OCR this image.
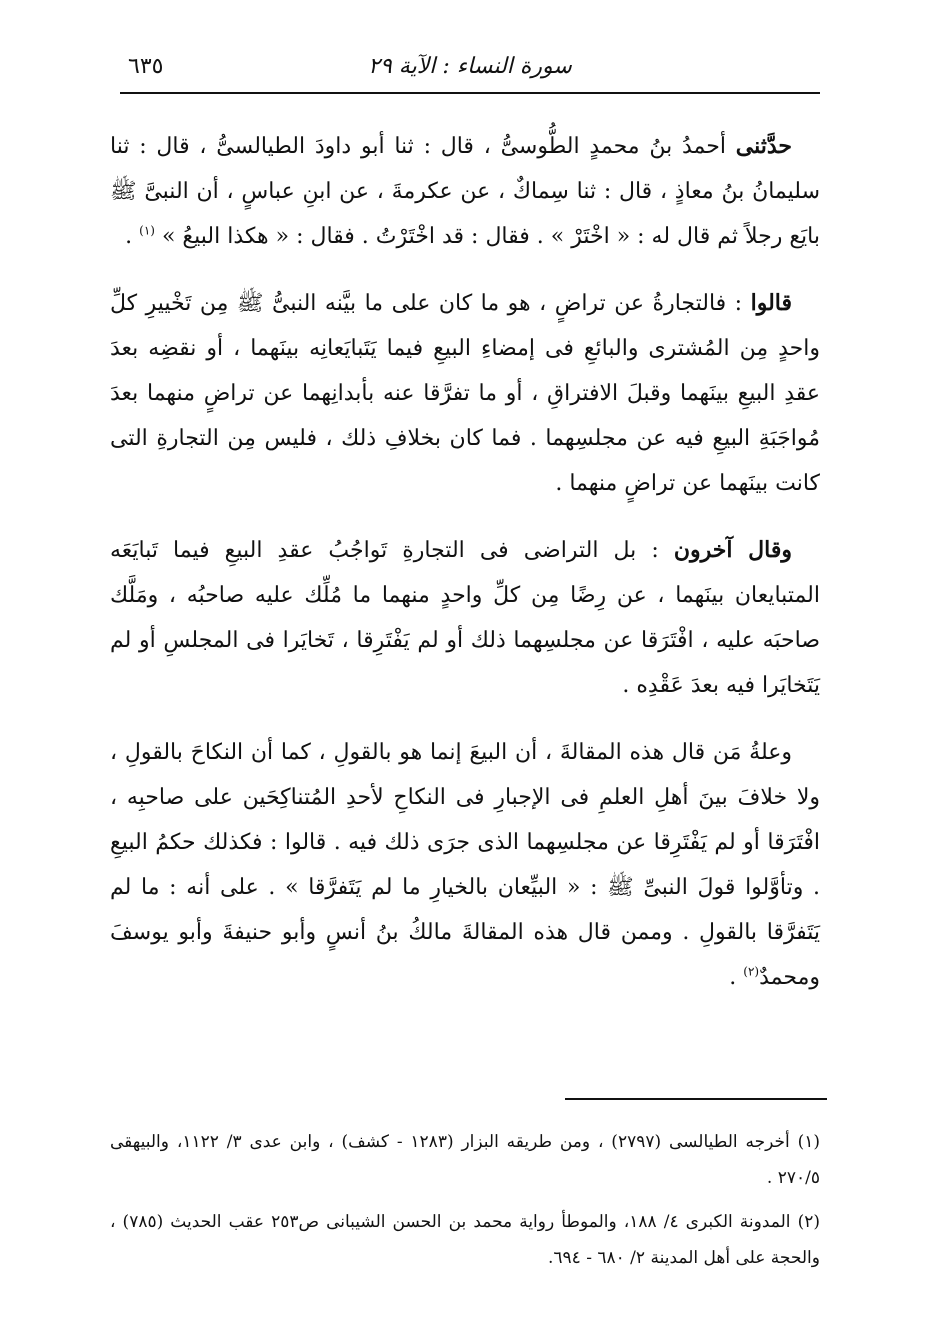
سورة النساء : الآية ٢٩
٦٣٥

حدَّثنى أحمدُ بنُ محمدٍ الطُّوسىُّ ، قال : ثنا أبو داودَ الطيالسىُّ ، قال : ثنا سليمانُ بنُ معاذٍ ، قال : ثنا سِماكٌ ، عن عكرمةَ ، عن ابنِ عباسٍ ، أن النبىَّ ﷺ بايَع رجلاً ثم قال له : « اخْتَرْ » . فقال : قد اخْتَرْتُ . فقال : « هكذا البيعُ » $^{(١)}$ .

قالوا : فالتجارةُ عن تراضٍ ، هو ما كان على ما بيَّنه النبىُّ ﷺ مِن تَخْييرِ كلِّ واحدٍ مِن المُشترى والبائعِ فى إمضاءِ البيعِ فيما يَتَبايَعانِه بينَهما ، أو نقضِه بعدَ عقدِ البيعِ بينَهما وقبلَ الافتراقِ ، أو ما تفرَّقا عنه بأبدانِهما عن تراضٍ منهما بعدَ مُواجَبَةِ البيعِ فيه عن مجلسِهما . فما كان بخلافِ ذلك ، فليس مِن التجارةِ التى كانت بينَهما عن تراضٍ منهما .

وقال آخرون : بل التراضى فى التجارةِ تَواجُبُ عقدِ البيعِ فيما تَبايَعَه المتبايعان بينَهما ، عن رِضًا مِن كلِّ واحدٍ منهما ما مُلِّك عليه صاحبُه ، ومَلَّك صاحبَه عليه ، افْتَرَقا عن مجلسِهما ذلك أو لم يَفْتَرِقا ، تَخايَرا فى المجلسِ أو لم يَتَخايَرا فيه بعدَ عَقْدِه .

وعلةُ مَن قال هذه المقالةَ ، أن البيعَ إنما هو بالقولِ ، كما أن النكاحَ بالقولِ ، ولا خلافَ بينَ أهلِ العلمِ فى الإجبارِ فى النكاحِ لأحدِ المُتناكِحَين على صاحبِه ، افْتَرَقا أو لم يَفْتَرِقا عن مجلسِهما الذى جرَى ذلك فيه . قالوا : فكذلك حكمُ البيعِ . وتأوَّلوا قولَ النبىِّ ﷺ : « البيِّعان بالخيارِ ما لم يَتَفرَّقا » . على أنه : ما لم يَتَفرَّقا بالقولِ . وممن قال هذه المقالةَ مالكُ بنُ أنسٍ وأبو حنيفةَ وأبو يوسفَ ومحمدٌ$^{(٢)}$ .

(١) أخرجه الطيالسى (٢٧٩٧) ، ومن طريقه البزار (١٢٨٣ - كشف) ، وابن عدى ٣/ ١١٢٢، والبيهقى ٢٧٠/٥ .

(٢) المدونة الكبرى ٤/ ١٨٨، والموطأ رواية محمد بن الحسن الشيبانى ص٢٥٣ عقب الحديث (٧٨٥) ، والحجة على أهل المدينة ٢/ ٦٨٠ - ٦٩٤.
